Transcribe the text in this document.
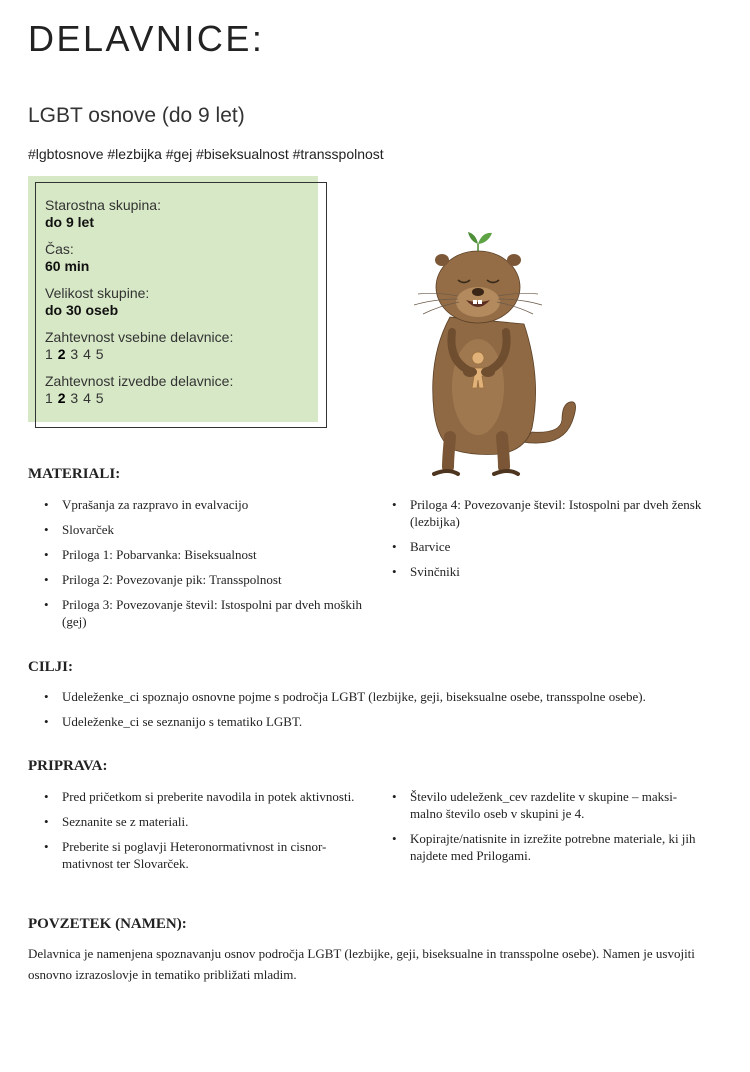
DELAVNICE:
LGBT osnove (do 9 let)
#lgbtosnove #lezbijka #gej #biseksualnost #transspolnost
Starostna skupina:
do 9 let
Čas:
60 min
Velikost skupine:
do 30 oseb
Zahtevnost vsebine delavnice:
1 2 3 4 5
Zahtevnost izvedbe delavnice:
1 2 3 4 5
MATERIALI:
• Vprašanja za razpravo in evalvacijo
• Slovarček
• Priloga 1: Pobarvanka: Biseksualnost
• Priloga 2: Povezovanje pik: Transspolnost
• Priloga 3: Povezovanje števil: Istospolni par dveh moških (gej)
• Priloga 4: Povezovanje števil: Istospolni par dveh žensk (lezbijka)
• Barvice
• Svinčniki
CILJI:
• Udeleženke_ci spoznajo osnovne pojme s področja LGBT (lezbijke, geji, biseksualne osebe, transspolne osebe).
• Udeleženke_ci se seznanijo s tematiko LGBT.
PRIPRAVA:
• Pred pričetkom si preberite navodila in potek aktivnosti.
• Seznanite se z materiali.
• Preberite si poglavji Heteronormativnost in cisnor-mativnost ter Slovarček.
• Število udeleženk_cev razdelite v skupine – maksi-malno število oseb v skupini je 4.
• Kopirajte/natisnite in izrežite potrebne materiale, ki jih najdete med Prilogami.
POVZETEK (NAMEN):

Delavnica je namenjena spoznavanju osnov področja LGBT (lezbijke, geji, biseksualne in transspolne osebe). Namen je usvojiti osnovno izrazoslovje in tematiko približati mladim.
